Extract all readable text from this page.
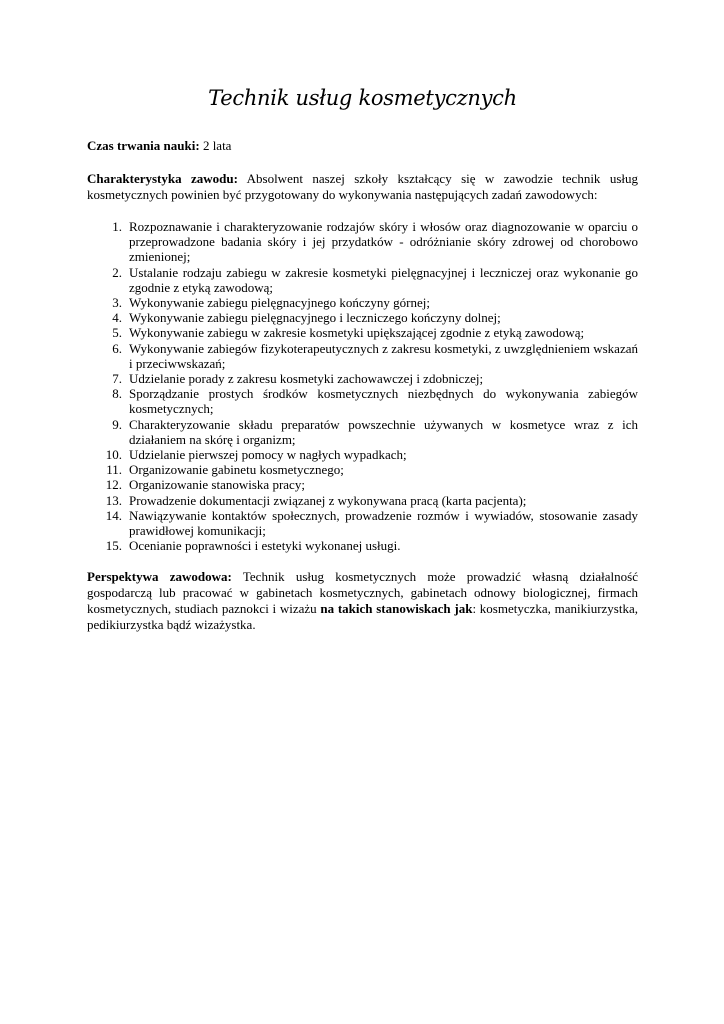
Technik usług kosmetycznych

Czas trwania nauki: 2 lata

Charakterystyka zawodu: Absolwent naszej szkoły kształcący się w zawodzie technik usług kosmetycznych powinien być przygotowany do wykonywania następujących zadań zawodowych:

1. Rozpoznawanie i charakteryzowanie rodzajów skóry i włosów oraz diagnozowanie w oparciu o przeprowadzone badania skóry i jej przydatków - odróżnianie skóry zdrowej od chorobowo zmienionej;
2. Ustalanie rodzaju zabiegu w zakresie kosmetyki pielęgnacyjnej i leczniczej oraz wykonanie go zgodnie z etyką zawodową;
3. Wykonywanie zabiegu pielęgnacyjnego kończyny górnej;
4. Wykonywanie zabiegu pielęgnacyjnego i leczniczego kończyny dolnej;
5. Wykonywanie zabiegu w zakresie kosmetyki upiększającej zgodnie z etyką zawodową;
6. Wykonywanie zabiegów fizykoterapeutycznych z zakresu kosmetyki, z uwzględnieniem wskazań i przeciwwskazań;
7. Udzielanie porady z zakresu kosmetyki zachowawczej i zdobniczej;
8. Sporządzanie prostych środków kosmetycznych niezbędnych do wykonywania zabiegów kosmetycznych;
9. Charakteryzowanie składu preparatów powszechnie używanych w kosmetyce wraz z ich działaniem na skórę i organizm;
10. Udzielanie pierwszej pomocy w nagłych wypadkach;
11. Organizowanie gabinetu kosmetycznego;
12. Organizowanie stanowiska pracy;
13. Prowadzenie dokumentacji związanej z wykonywana pracą (karta pacjenta);
14. Nawiązywanie kontaktów społecznych, prowadzenie rozmów i wywiadów, stosowanie zasady prawidłowej komunikacji;
15. Ocenianie poprawności i estetyki wykonanej usługi.

Perspektywa zawodowa: Technik usług kosmetycznych może prowadzić własną działalność gospodarczą lub pracować w gabinetach kosmetycznych, gabinetach odnowy biologicznej, firmach kosmetycznych, studiach paznokci i wizażu na takich stanowiskach jak: kosmetyczka, manikiurzystka, pedikiurzystka bądź wizażystka.
